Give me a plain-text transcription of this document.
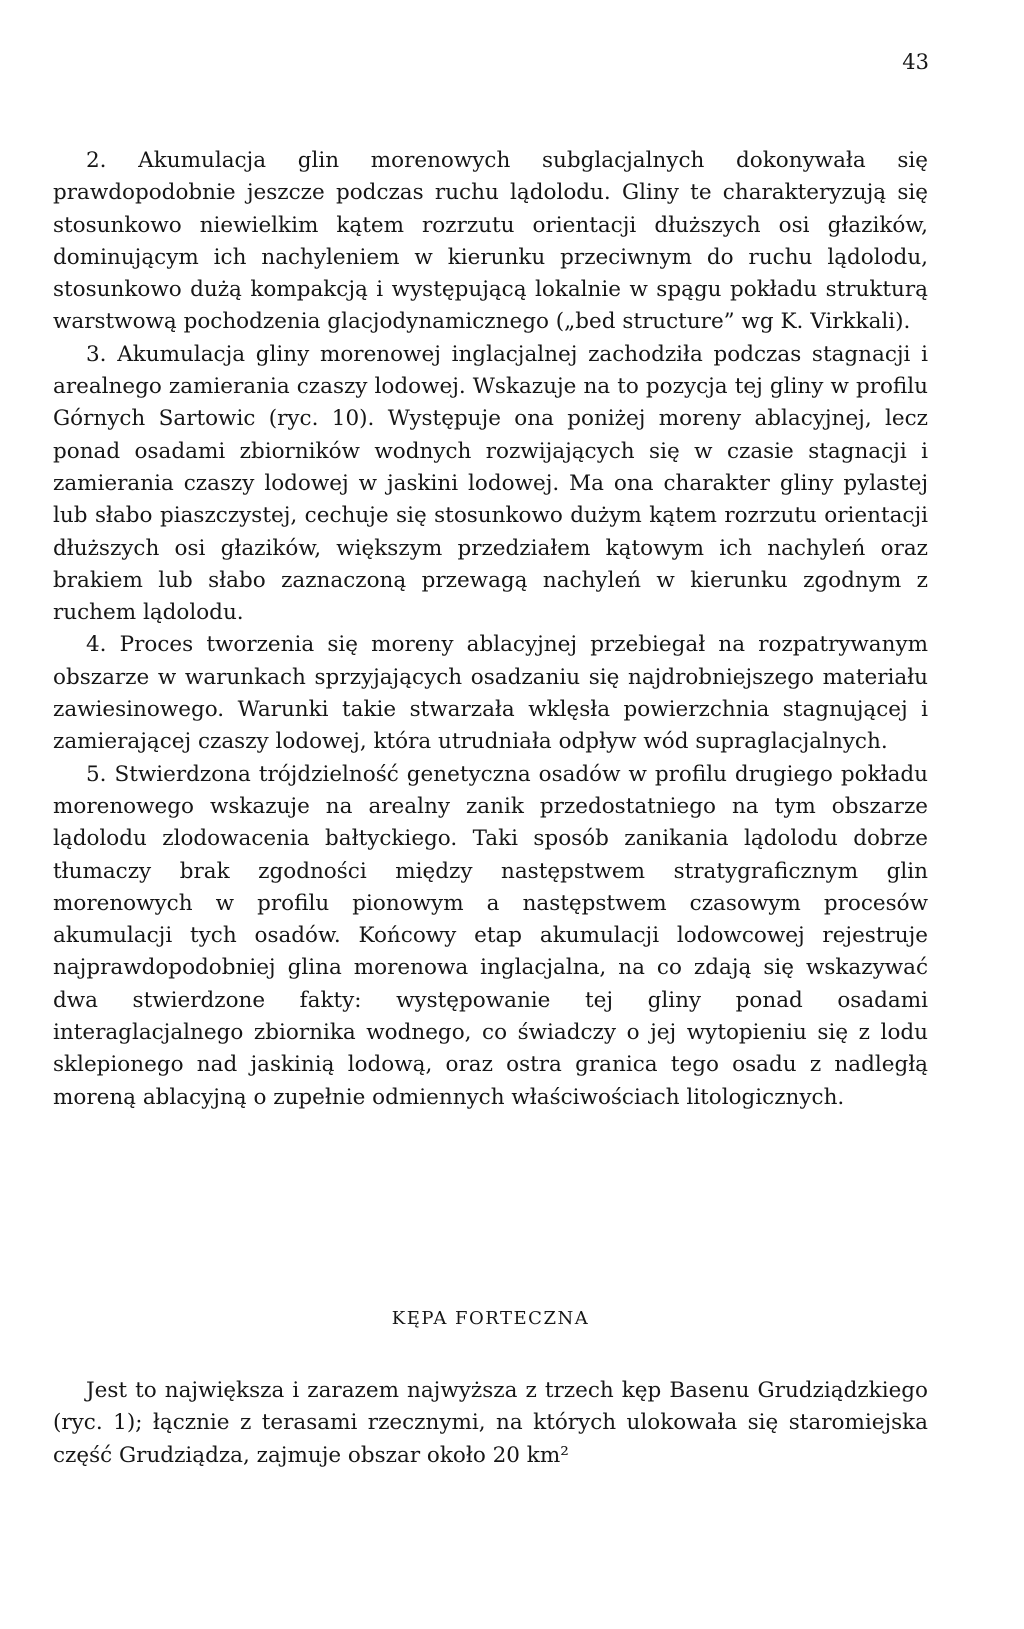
43

2. Akumulacja glin morenowych subglacjalnych dokonywała się prawdopodobnie jeszcze podczas ruchu lądolodu. Gliny te charakteryzują się stosunkowo niewielkim kątem rozrzutu orientacji dłuższych osi głazików, dominującym ich nachyleniem w kierunku przeciwnym do ruchu lądolodu, stosunkowo dużą kompakcją i występującą lokalnie w spągu pokładu strukturą warstwową pochodzenia glacjodynamicznego („bed structure” wg K. Virkkali).

3. Akumulacja gliny morenowej inglacjalnej zachodziła podczas stagnacji i arealnego zamierania czaszy lodowej. Wskazuje na to pozycja tej gliny w profilu Górnych Sartowic (ryc. 10). Występuje ona poniżej moreny ablacyjnej, lecz ponad osadami zbiorników wodnych rozwijających się w czasie stagnacji i zamierania czaszy lodowej w jaskini lodowej. Ma ona charakter gliny pylastej lub słabo piaszczystej, cechuje się stosunkowo dużym kątem rozrzutu orientacji dłuższych osi głazików, większym przedziałem kątowym ich nachyleń oraz brakiem lub słabo zaznaczoną przewagą nachyleń w kierunku zgodnym z ruchem lądolodu.

4. Proces tworzenia się moreny ablacyjnej przebiegał na rozpatrywanym obszarze w warunkach sprzyjających osadzaniu się najdrobniejszego materiału zawiesinowego. Warunki takie stwarzała wklęsła powierzchnia stagnującej i zamierającej czaszy lodowej, która utrudniała odpływ wód supraglacjalnych.

5. Stwierdzona trójdzielność genetyczna osadów w profilu drugiego pokładu morenowego wskazuje na arealny zanik przedostatniego na tym obszarze lądolodu zlodowacenia bałtyckiego. Taki sposób zanikania lądolodu dobrze tłumaczy brak zgodności między następstwem stratygraficznym glin morenowych w profilu pionowym a następstwem czasowym procesów akumulacji tych osadów. Końcowy etap akumulacji lodowcowej rejestruje najprawdopodobniej glina morenowa inglacjalna, na co zdają się wskazywać dwa stwierdzone fakty: występowanie tej gliny ponad osadami interaglacjalnego zbiornika wodnego, co świadczy o jej wytopieniu się z lodu sklepionego nad jaskinią lodową, oraz ostra granica tego osadu z nadległą moreną ablacyjną o zupełnie odmiennych właściwościach litologicznych.

KĘPA FORTECZNA

Jest to największa i zarazem najwyższa z trzech kęp Basenu Grudziądzkiego (ryc. 1); łącznie z terasami rzecznymi, na których ulokowała się staromiejska część Grudziądza, zajmuje obszar około 20 km²
